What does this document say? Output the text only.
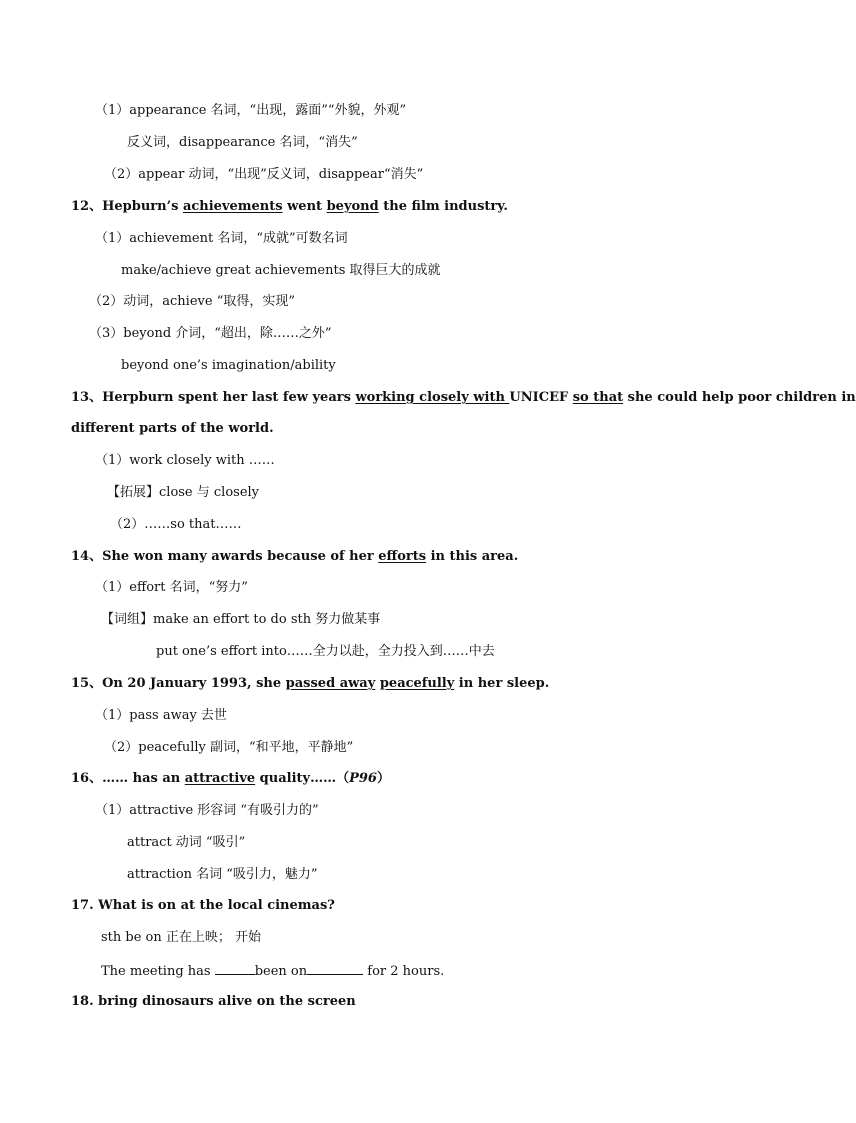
（1）appearance 名词，“出现，露面”“外貌，外观”
反义词，disappearance 名词，“消失”
（2）appear 动词，“出现”反义词，disappear“消失”
12、Hepburn’s achievements went beyond the film industry.
（1）achievement 名词，“成就”可数名词
make/achieve great achievements 取得巨大的成就
（2）动词，achieve “取得，实现”
（3）beyond 介词，“超出，除……之外”
beyond one’s imagination/ability
13、Herpburn spent her last few years working closely with UNICEF so that she could help poor children in
different parts of the world.
（1）work closely with ……
【拓展】close 与 closely
（2）……so that……
14、She won many awards because of her efforts in this area.
（1）effort 名词，“努力”
【词组】make an effort to do sth 努力做某事
put one’s effort into……全力以赴，全力投入到……中去
15、On 20 January 1993, she passed away peacefully in her sleep.
（1）pass away 去世
（2）peacefully 副词，“和平地，平静地”
16、…… has an attractive quality……（P96）
（1）attractive 形容词 “有吸引力的”
attract 动词 “吸引”
attraction 名词 “吸引力，魅力”
17. What is on at the local cinemas?
sth be on 正在上映； 开始
The meeting has	been on	for 2 hours.
18. bring dinosaurs alive on the screen
